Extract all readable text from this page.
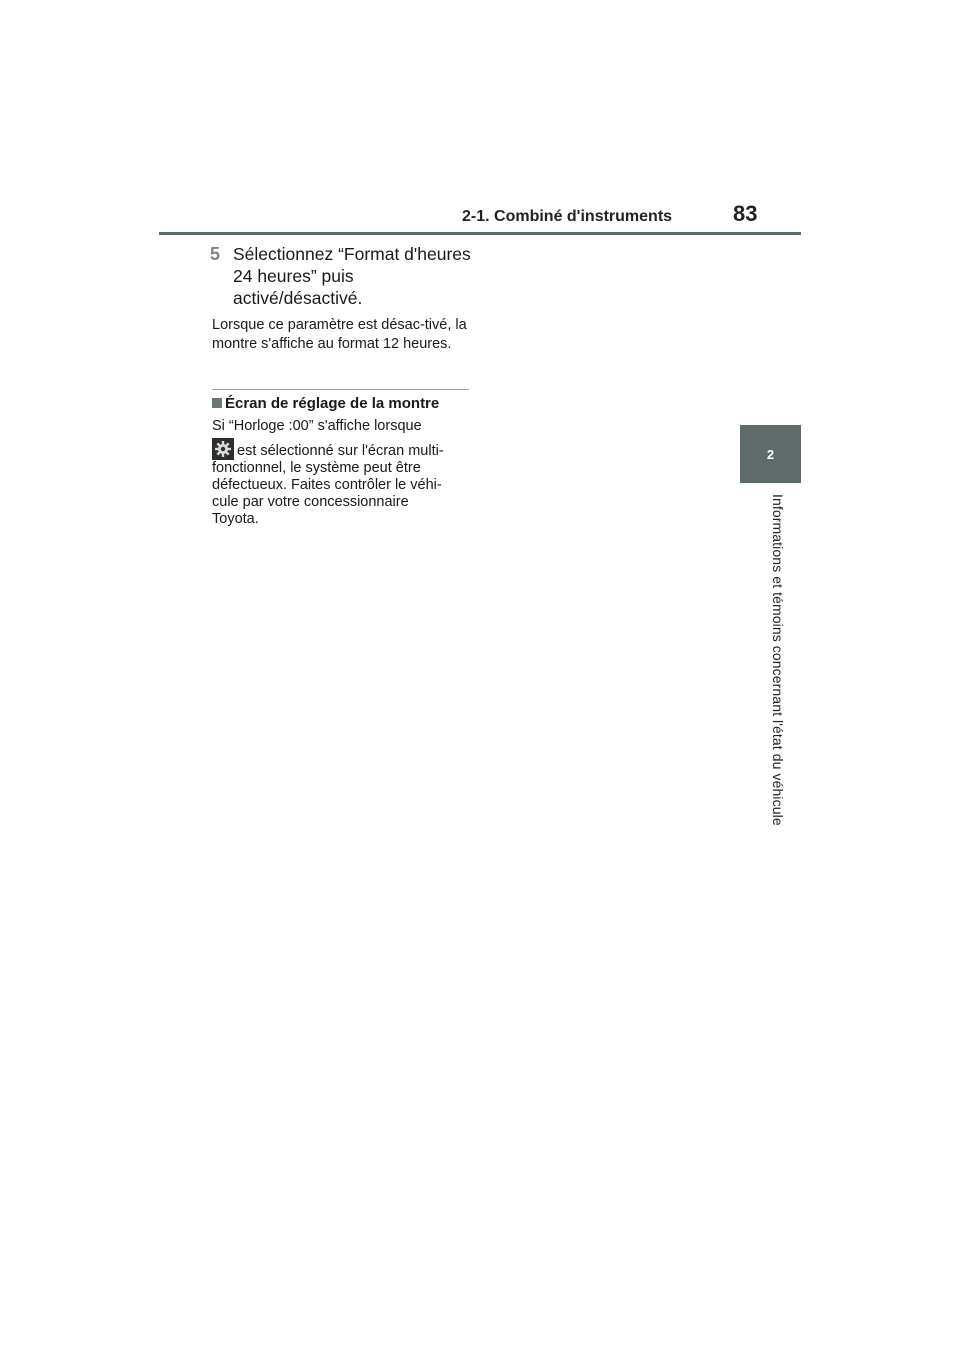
2-1. Combiné d'instruments	83
2
Informations et témoins concernant l'état du véhicule
5 Sélectionnez “Format d'heures 24 heures” puis activé/désactivé.

Lorsque ce paramètre est désac-tivé, la montre s'affiche au format 12 heures.

Écran de réglage de la montre
Si “Horloge :00” s'affiche lorsque
est sélectionné sur l'écran multi-
fonctionnel, le système peut être
défectueux. Faites contrôler le véhi-
cule par votre concessionnaire
Toyota.
